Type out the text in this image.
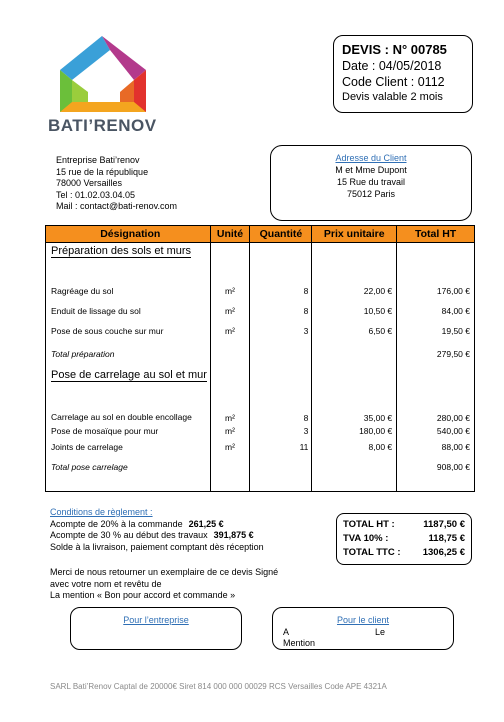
BATI’RENOV
DEVIS : N° 00785
Date : 04/05/2018
Code Client : 0112
Devis valable 2 mois
Entreprise Bati’renov
15 rue de la république
78000 Versailles
Tel : 01.02.03.04.05
Mail : contact@bati-renov.com
Adresse du Client
M et Mme Dupont
15 Rue du travail
75012 Paris
Désignation	Unité	Quantité	Prix unitaire	Total HT
Préparation des sols et murs				

Ragréage du sol	m²	8	22,00 €	176,00 €
Enduit de lissage du sol	m²	8	10,50 €	84,00 €
Pose de sous couche sur mur	m²	3	6,50 €	19,50 €
Total préparation				279,50 €
Pose de carrelage au sol et mur				
Carrelage au sol en double encollage	m²	8	35,00 €	280,00 €
Pose de mosaïque pour mur	m²	3	180,00 €	540,00 €
Joints de carrelage	m²	11	8,00 €	88,00 €
Total pose carrelage				908,00 €

Conditions de règlement :
Acompte de 20% à la commande 261,25 €
Acompte de 30 % au début des travaux 391,875 €
Solde à la livraison, paiement comptant dès réception
TOTAL HT :	1187,50 €
TVA 10% :	118,75 €
TOTAL TTC : 1306,25 €
Merci de nous retourner un exemplaire de ce devis Signé
avec votre nom et revêtu de
La mention « Bon pour accord et commande »
Pour l’entreprise	Pour le client
A	Le
Mention
SARL Bati’Renov Captal de 20000€ Siret 814 000 000 00029 RCS Versailles Code APE 4321A
